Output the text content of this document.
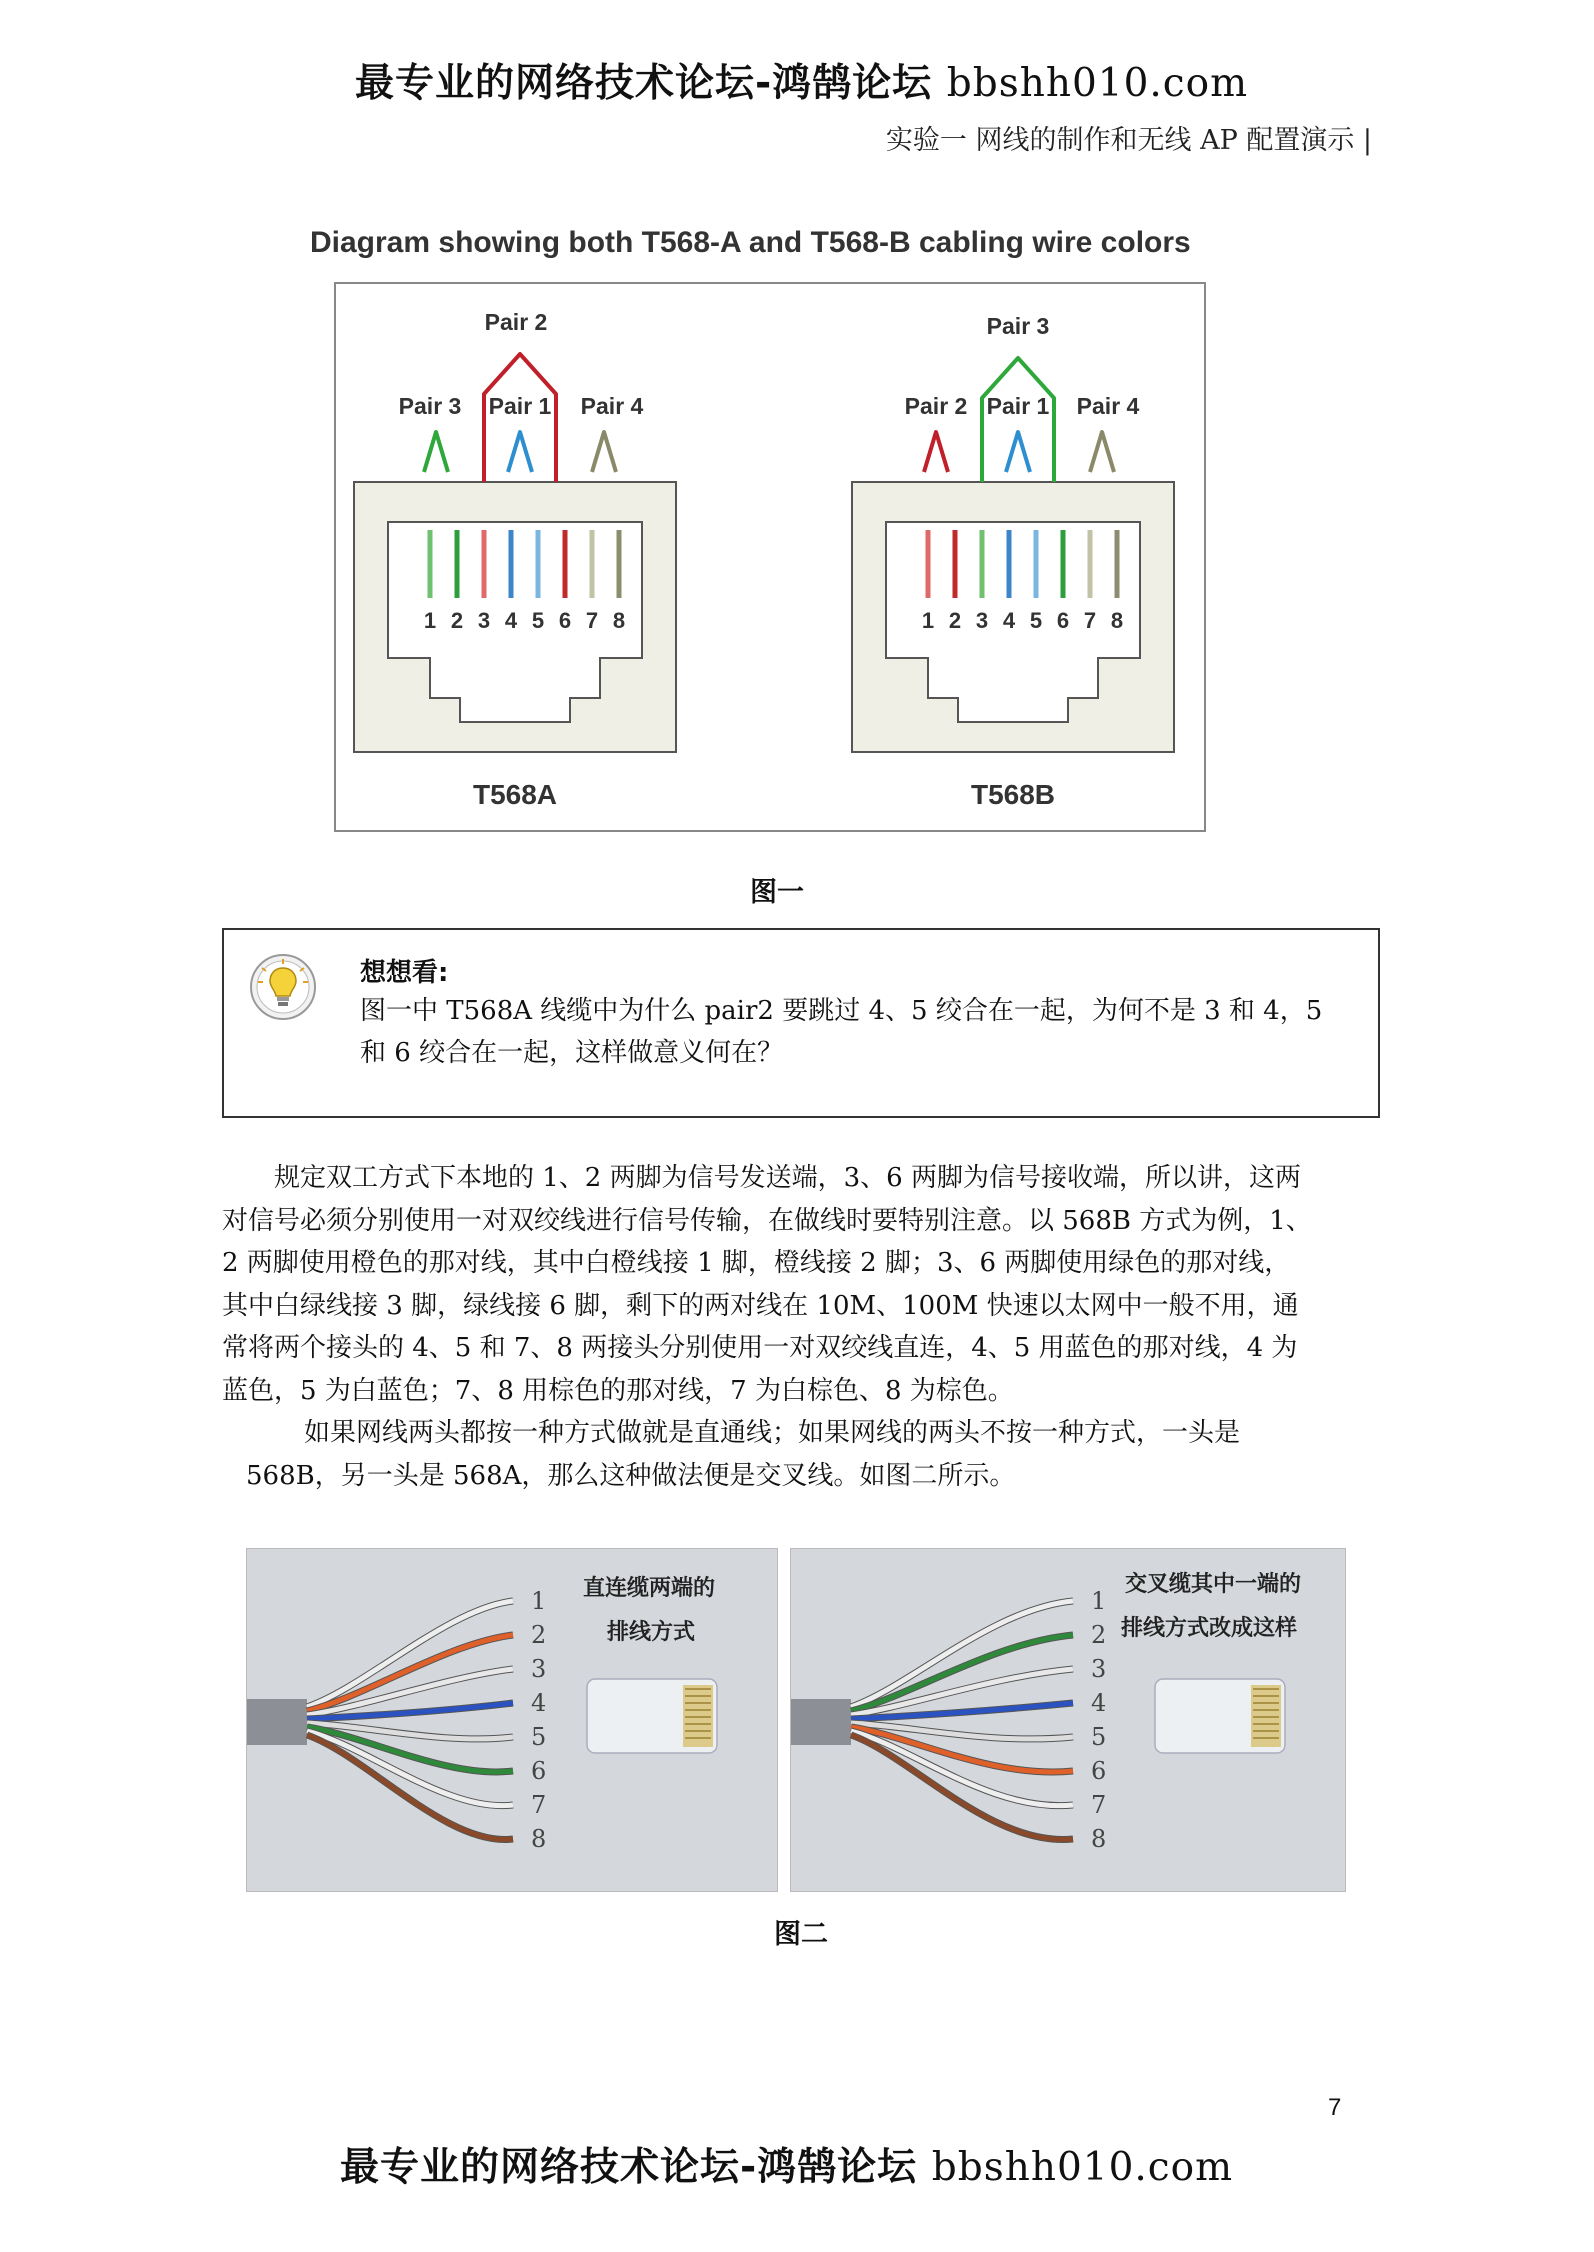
最专业的网络技术论坛-鸿鹄论坛 bbshh010.com
实验一 网线的制作和无线 AP 配置演示 |
Diagram showing both T568-A and T568-B cabling wire colors
1 2 3 4 5 6 7 8
Pair 2
Pair 3 Pair 1 Pair 4
T568A
1 2 3 4 5 6 7 8
Pair 3
Pair 2 Pair 1 Pair 4
T568B
图一
想想看:
图一中 T568A 线缆中为什么 pair2 要跳过 4、5 绞合在一起，为何不是 3 和 4，5
和 6 绞合在一起，这样做意义何在？
规定双工方式下本地的 1、2 两脚为信号发送端，3、6 两脚为信号接收端，所以讲，这两
对信号必须分别使用一对双绞线进行信号传输，在做线时要特别注意。以 568B 方式为例，1、
2 两脚使用橙色的那对线，其中白橙线接 1 脚，橙线接 2 脚；3、6 两脚使用绿色的那对线，
其中白绿线接 3 脚，绿线接 6 脚，剩下的两对线在 10M、100M 快速以太网中一般不用，通
常将两个接头的 4、5 和 7、8 两接头分别使用一对双绞线直连，4、5 用蓝色的那对线，4 为
蓝色，5 为白蓝色；7、8 用棕色的那对线，7 为白棕色、8 为棕色。
如果网线两头都按一种方式做就是直通线；如果网线的两头不按一种方式，一头是
568B，另一头是 568A，那么这种做法便是交叉线。如图二所示。
1
2
3
4
5
6
7
8
直连缆两端的
排线方式
1
2
3
4
5
6
7
8
交叉缆其中一端的
排线方式改成这样
图二
7
最专业的网络技术论坛-鸿鹄论坛 bbshh010.com
